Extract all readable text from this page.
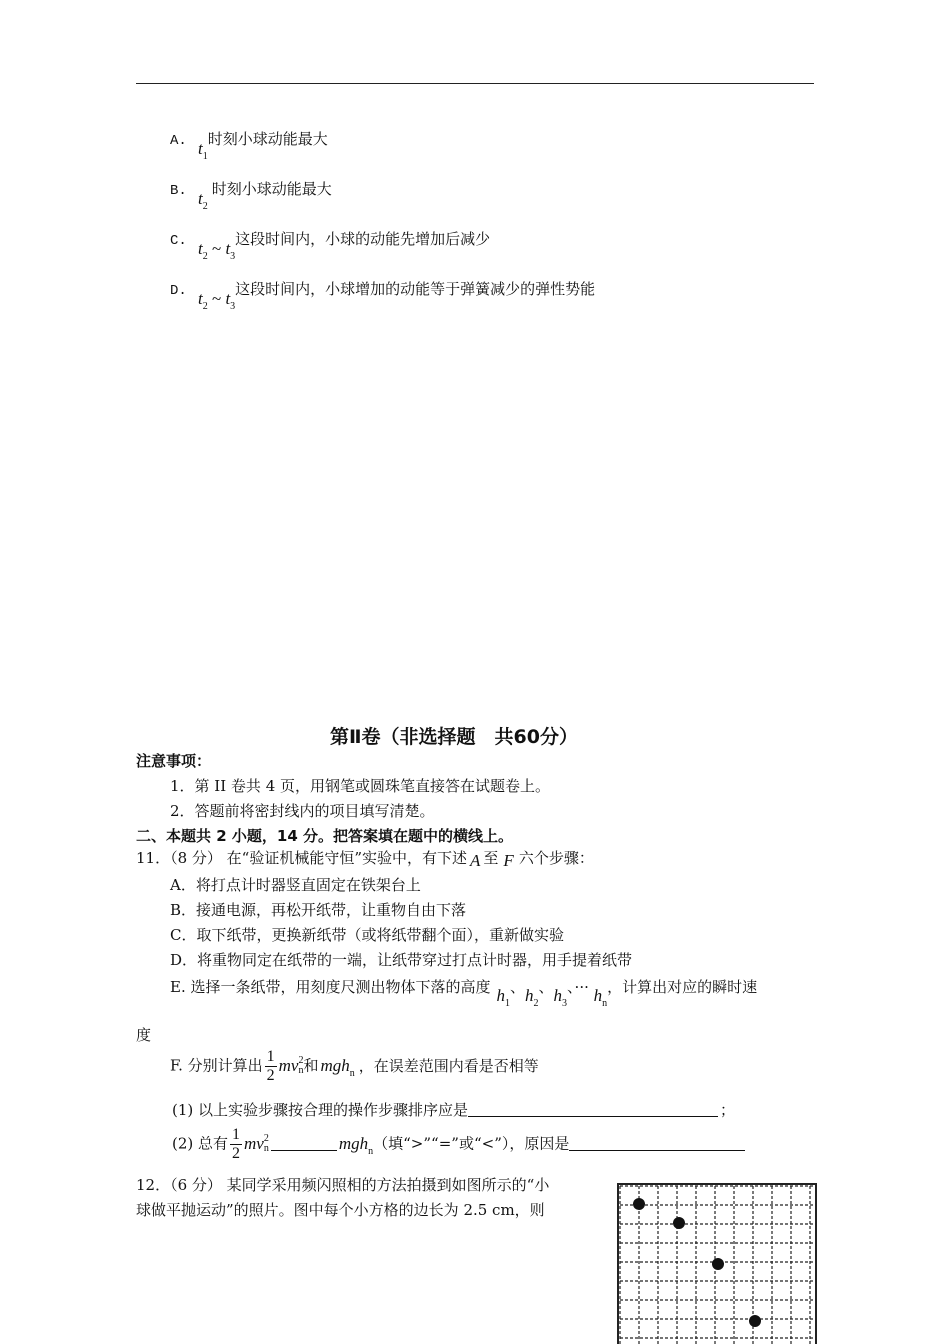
A. $t_1$时刻小球动能最大
B. $t_2$时刻小球动能最大
C. $t_2$ ~ $t_3$这段时间内，小球的动能先增加后减少
D. $t_2$ ~ $t_3$这段时间内，小球增加的动能等于弹簧减少的弹性势能
第Ⅱ卷（非选择题　共60分）
注意事项：
1．第 II 卷共 4 页，用钢笔或圆珠笔直接答在试题卷上。
2．答题前将密封线内的项目填写清楚。
二、本题共 2 小题，14 分。把答案填在题中的横线上。
11．（8 分） 在“验证机械能守恒”实验中，有下述 A 至 F 六个步骤：
A．将打点计时器竖直固定在铁架台上
B．接通电源，再松开纸带，让重物自由下落
C．取下纸带，更换新纸带（或将纸带翻个面），重新做实验
D．将重物同定在纸带的一端，让纸带穿过打点计时器，用手提着纸带
E. 选择一条纸带，用刻度尺测出物体下落的高度 $h_1$、$h_2$、$h_3$、··· $h_n$，计算出对应的瞬时速
度
F. 分别计算出 $\frac{1}{2}$ mv 2
n 和 mgh$_n$ ，在误差范围内看是否相等
(1) 以上实验步骤按合理的操作步骤排序应是	；
(2) 总有 $\frac{1}{2}$ mv 2
n	mgh$_n$（填“>”“=”或“<”），原因是
12．（6 分） 某同学采用频闪照相的方法拍摄到如图所示的“小
球做平抛运动”的照片。图中每个小方格的边长为 2.5 cm，则
